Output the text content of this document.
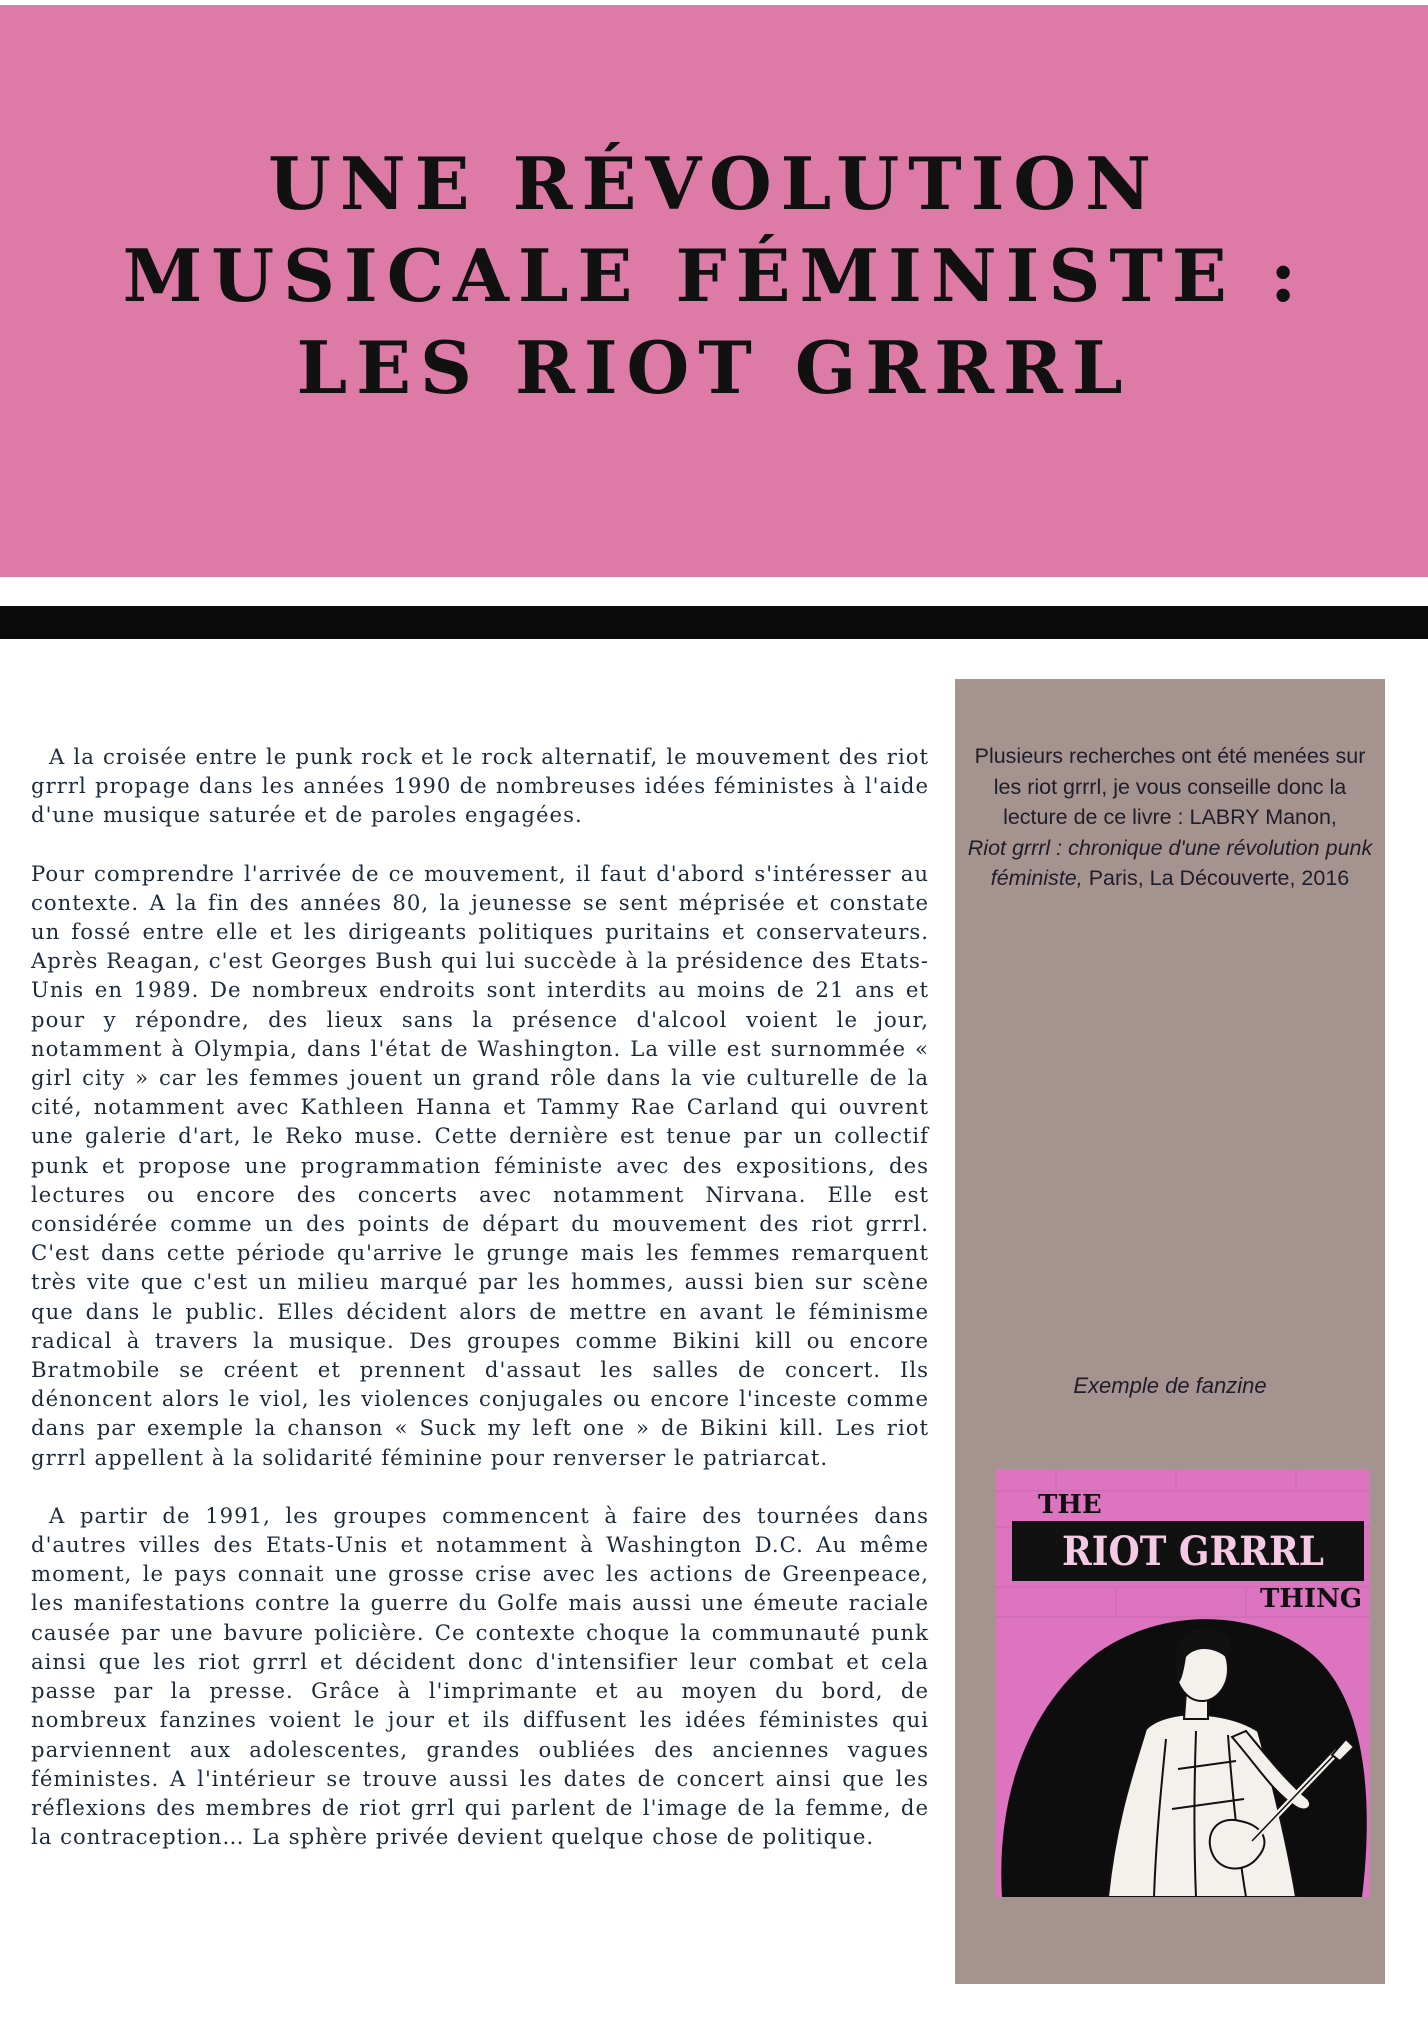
UNE RÉVOLUTION
MUSICALE FÉMINISTE :
LES RIOT GRRRL

A la croisée entre le punk rock et le rock alternatif, le mouvement des riot grrrl propage dans les années 1990 de nombreuses idées féministes à l'aide d'une musique saturée et de paroles engagées.

Pour comprendre l'arrivée de ce mouvement, il faut d'abord s'intéresser au contexte. A la fin des années 80, la jeunesse se sent méprisée et constate un fossé entre elle et les dirigeants politiques puritains et conservateurs. Après Reagan, c'est Georges Bush qui lui succède à la présidence des Etats-Unis en 1989. De nombreux endroits sont interdits au moins de 21 ans et pour y répondre, des lieux sans la présence d'alcool voient le jour, notamment à Olympia, dans l'état de Washington. La ville est surnommée « girl city » car les femmes jouent un grand rôle dans la vie culturelle de la cité, notamment avec Kathleen Hanna et Tammy Rae Carland qui ouvrent une galerie d'art, le Reko muse. Cette dernière est tenue par un collectif punk et propose une programmation féministe avec des expositions, des lectures ou encore des concerts avec notamment Nirvana. Elle est considérée comme un des points de départ du mouvement des riot grrrl. C'est dans cette période qu'arrive le grunge mais les femmes remarquent très vite que c'est un milieu marqué par les hommes, aussi bien sur scène que dans le public. Elles décident alors de mettre en avant le féminisme radical à travers la musique. Des groupes comme Bikini kill ou encore Bratmobile se créent et prennent d'assaut les salles de concert. Ils dénoncent alors le viol, les violences conjugales ou encore l'inceste comme dans par exemple la chanson « Suck my left one » de Bikini kill. Les riot grrrl appellent à la solidarité féminine pour renverser le patriarcat.

A partir de 1991, les groupes commencent à faire des tournées dans d'autres villes des Etats-Unis et notamment à Washington D.C. Au même moment, le pays connait une grosse crise avec les actions de Greenpeace, les manifestations contre la guerre du Golfe mais aussi une émeute raciale causée par une bavure policière. Ce contexte choque la communauté punk ainsi que les riot grrrl et décident donc d'intensifier leur combat et cela passe par la presse. Grâce à l'imprimante et au moyen du bord, de nombreux fanzines voient le jour et ils diffusent les idées féministes qui parviennent aux adolescentes, grandes oubliées des anciennes vagues féministes. A l'intérieur se trouve aussi les dates de concert ainsi que les réflexions des membres de riot grrl qui parlent de l'image de la femme, de la contraception… La sphère privée devient quelque chose de politique.

Plusieurs recherches ont été menées sur les riot grrrl, je vous conseille donc la lecture de ce livre : LABRY Manon,
Riot grrrl : chronique d'une révolution punk féministe, Paris, La Découverte, 2016

Exemple de fanzine

THE
RIOT GRRRL
THING
